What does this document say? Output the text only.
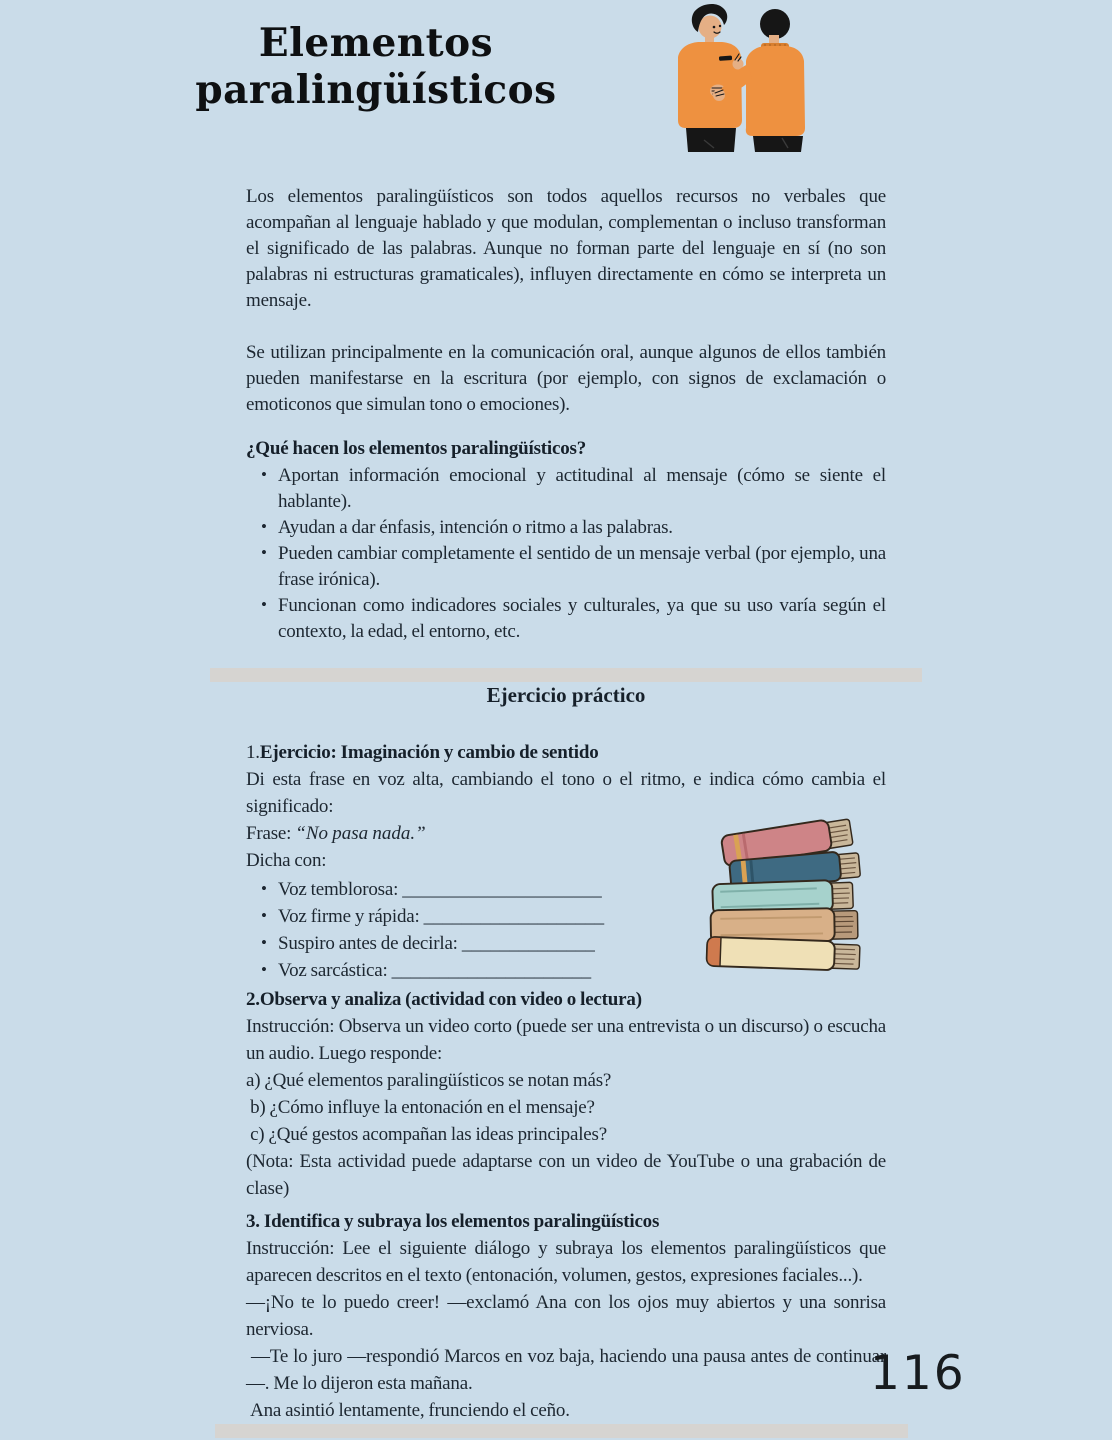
Elementos
paralingüísticos

Los elementos paralingüísticos son todos aquellos recursos no verbales que acompañan al lenguaje hablado y que modulan, complementan o incluso transforman el significado de las palabras. Aunque no forman parte del lenguaje en sí (no son palabras ni estructuras gramaticales), influyen directamente en cómo se interpreta un mensaje.

Se utilizan principalmente en la comunicación oral, aunque algunos de ellos también pueden manifestarse en la escritura (por ejemplo, con signos de exclamación o emoticonos que simulan tono o emociones).

¿Qué hacen los elementos paralingüísticos?
• Aportan información emocional y actitudinal al mensaje (cómo se siente el hablante).
• Ayudan a dar énfasis, intención o ritmo a las palabras.
• Pueden cambiar completamente el sentido de un mensaje verbal (por ejemplo, una frase irónica).
• Funcionan como indicadores sociales y culturales, ya que su uso varía según el contexto, la edad, el entorno, etc.
Ejercicio práctico
1.Ejercicio: Imaginación y cambio de sentido

Di esta frase en voz alta, cambiando el tono o el ritmo, e indica cómo cambia el significado:

Frase: “No pasa nada.”
Dicha con:
• Voz temblorosa: _____________________
• Voz firme y rápida: ___________________
• Suspiro antes de decirla: ______________
• Voz sarcástica: _____________________
2.Observa y analiza (actividad con video o lectura)

Instrucción: Observa un video corto (puede ser una entrevista o un discurso) o escucha un audio. Luego responde:

a) ¿Qué elementos paralingüísticos se notan más?
b) ¿Cómo influye la entonación en el mensaje?
c) ¿Qué gestos acompañan las ideas principales?

(Nota: Esta actividad puede adaptarse con un video de YouTube o una grabación de clase)

3. Identifica y subraya los elementos paralingüísticos

Instrucción: Lee el siguiente diálogo y subraya los elementos paralingüísticos que aparecen descritos en el texto (entonación, volumen, gestos, expresiones faciales...).

—¡No te lo puedo creer! —exclamó Ana con los ojos muy abiertos y una sonrisa nerviosa.

—Te lo juro —respondió Marcos en voz baja, haciendo una pausa antes de continuar—. Me lo dijeron esta mañana.

Ana asintió lentamente, frunciendo el ceño.

116
